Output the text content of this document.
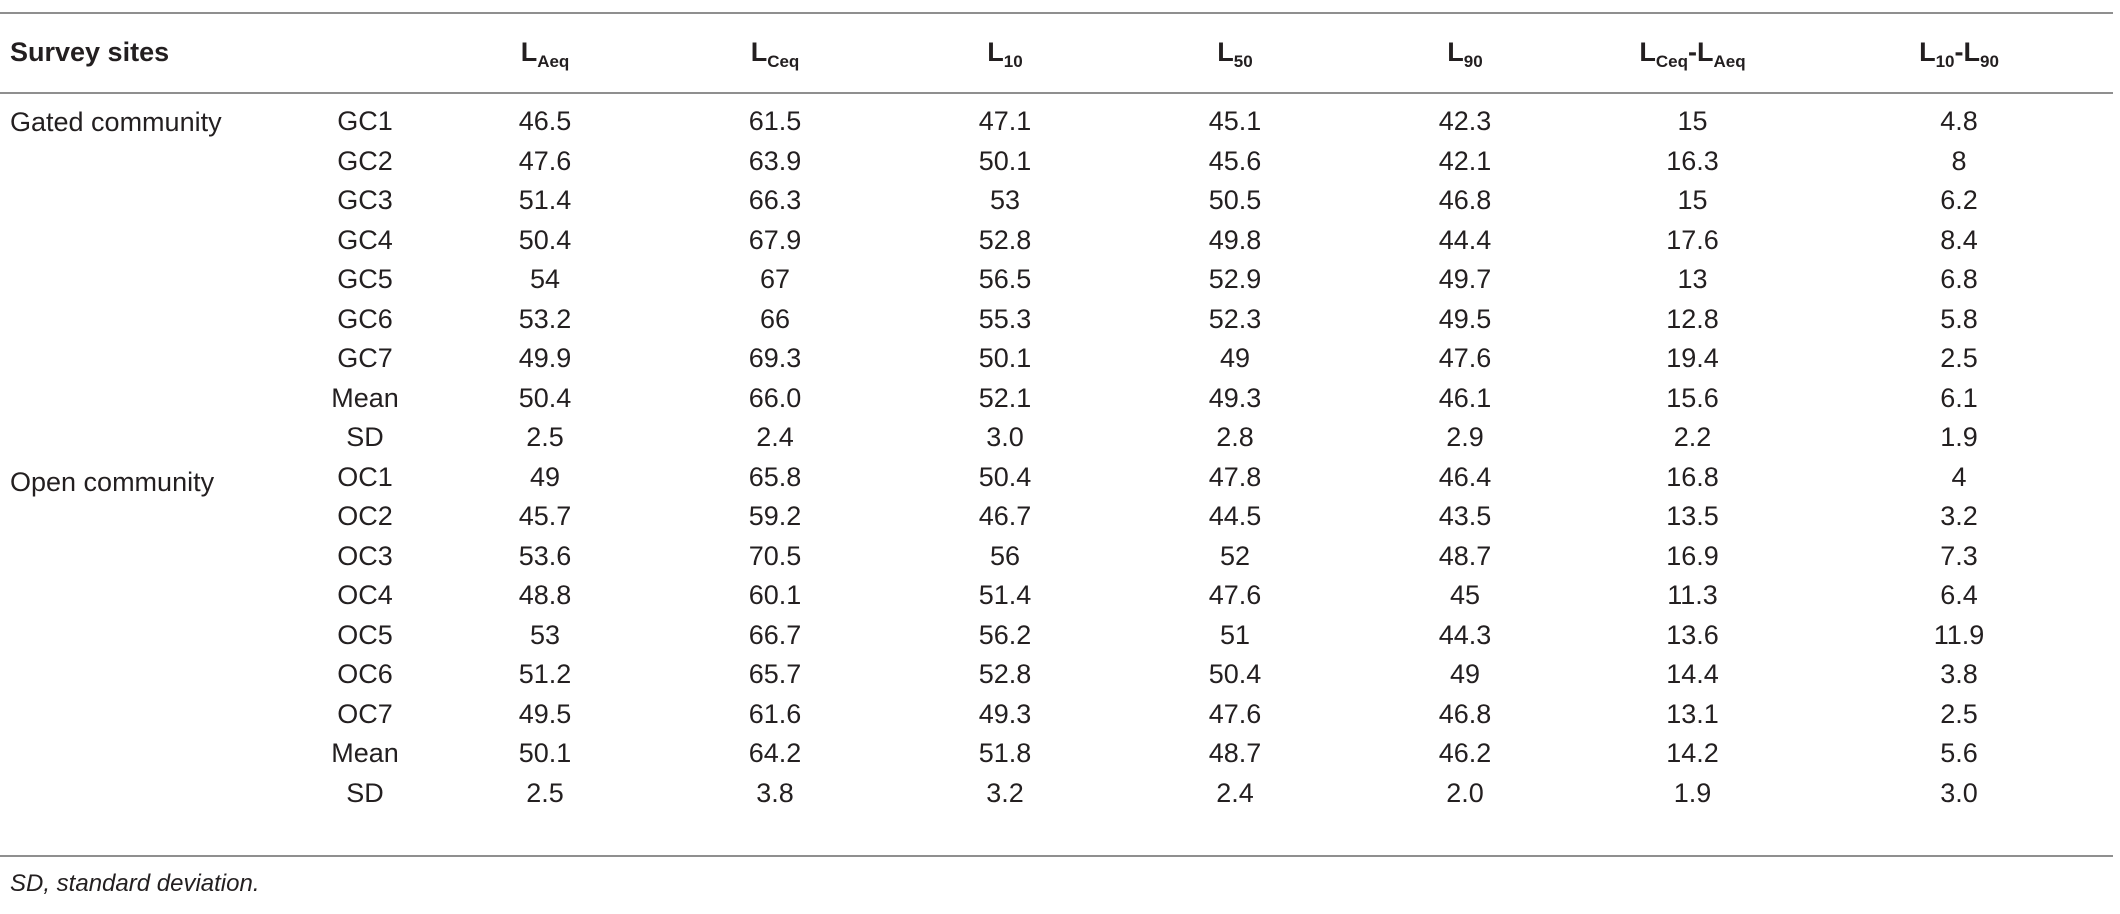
Survey sites		$L_{Aeq}$	$L_{Ceq}$	$L_{10}$	$L_{50}$	$L_{90}$	$L_{Ceq}-L_{Aeq}$	$L_{10}-L_{90}$
Gated community	GC1	46.5	61.5	47.1	45.1	42.3	15	4.8
	GC2	47.6	63.9	50.1	45.6	42.1	16.3	8
	GC3	51.4	66.3	53	50.5	46.8	15	6.2
	GC4	50.4	67.9	52.8	49.8	44.4	17.6	8.4
	GC5	54	67	56.5	52.9	49.7	13	6.8
	GC6	53.2	66	55.3	52.3	49.5	12.8	5.8
	GC7	49.9	69.3	50.1	49	47.6	19.4	2.5
	Mean	50.4	66.0	52.1	49.3	46.1	15.6	6.1
	SD	2.5	2.4	3.0	2.8	2.9	2.2	1.9
Open community	OC1	49	65.8	50.4	47.8	46.4	16.8	4
	OC2	45.7	59.2	46.7	44.5	43.5	13.5	3.2
	OC3	53.6	70.5	56	52	48.7	16.9	7.3
	OC4	48.8	60.1	51.4	47.6	45	11.3	6.4
	OC5	53	66.7	56.2	51	44.3	13.6	11.9
	OC6	51.2	65.7	52.8	50.4	49	14.4	3.8
	OC7	49.5	61.6	49.3	47.6	46.8	13.1	2.5
	Mean	50.1	64.2	51.8	48.7	46.2	14.2	5.6
	SD	2.5	3.8	3.2	2.4	2.0	1.9	3.0
SD, standard deviation.
